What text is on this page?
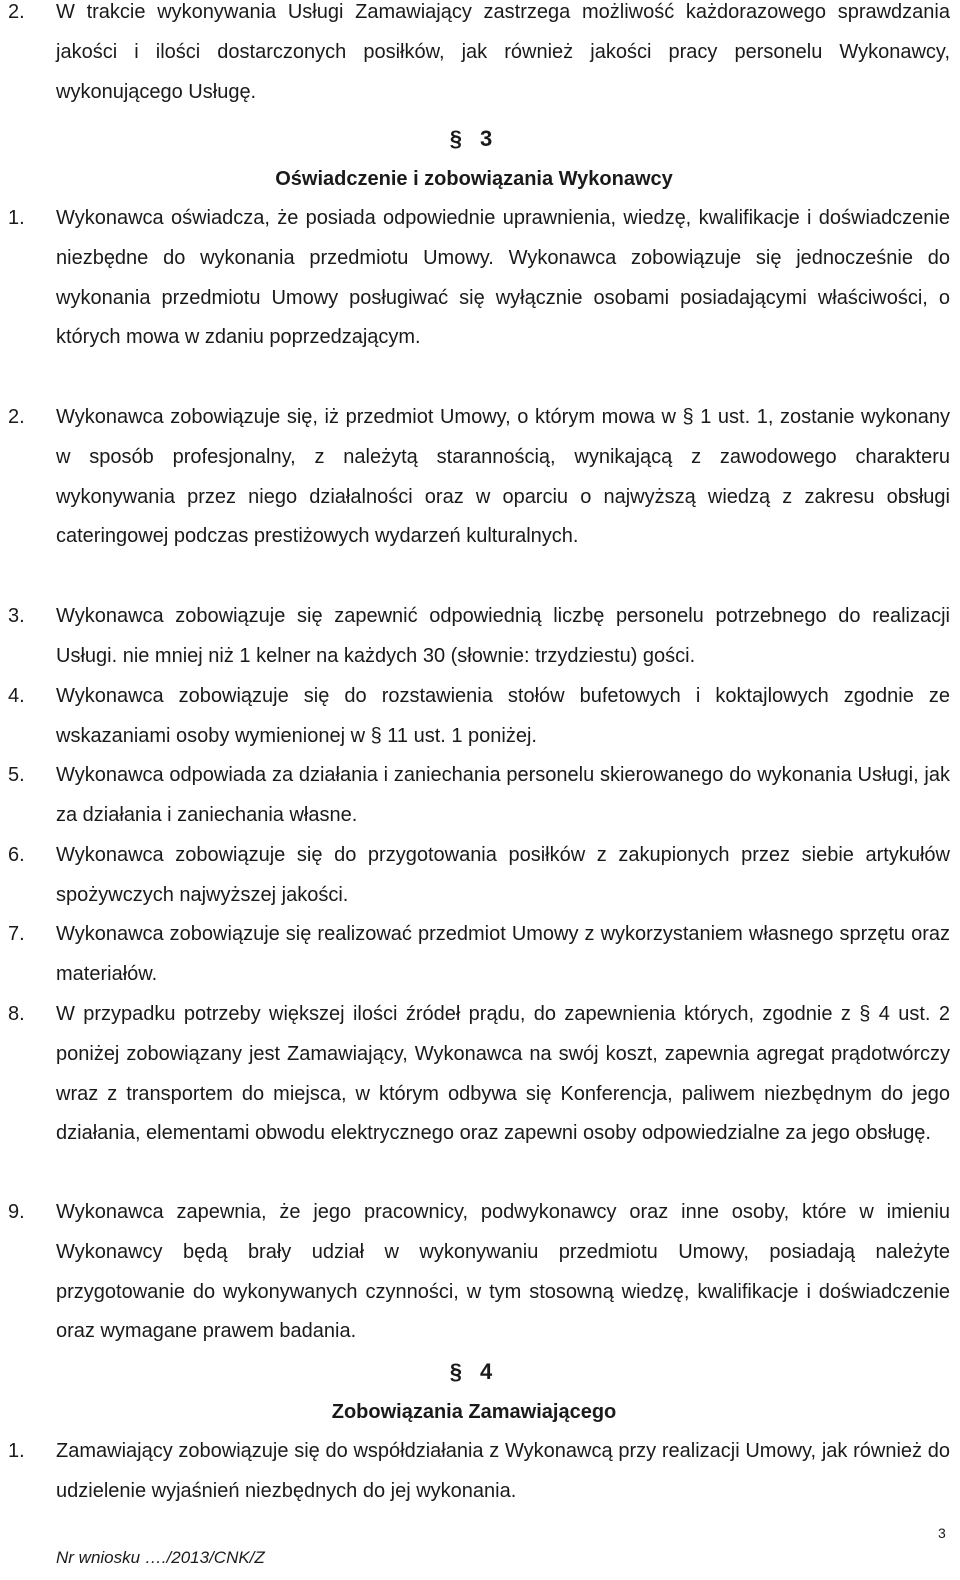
2.	W trakcie wykonywania Usługi Zamawiający zastrzega możliwość każdorazowego sprawdzania jakości i ilości dostarczonych posiłków, jak również jakości pracy personelu Wykonawcy, wykonującego Usługę.
§ 3
Oświadczenie i zobowiązania Wykonawcy
1.	Wykonawca oświadcza, że posiada odpowiednie uprawnienia, wiedzę, kwalifikacje i doświadczenie niezbędne do wykonania przedmiotu Umowy. Wykonawca zobowiązuje się jednocześnie do wykonania przedmiotu Umowy posługiwać się wyłącznie osobami posiadającymi właściwości, o których mowa w zdaniu poprzedzającym.
2.	Wykonawca zobowiązuje się, iż przedmiot Umowy, o którym mowa w § 1 ust. 1, zostanie wykonany w sposób profesjonalny, z należytą starannością, wynikającą z zawodowego charakteru wykonywania przez niego działalności oraz w oparciu o najwyższą wiedzą z zakresu obsługi cateringowej podczas prestiżowych wydarzeń kulturalnych.
3.	Wykonawca zobowiązuje się zapewnić odpowiednią liczbę personelu potrzebnego do realizacji Usługi. nie mniej niż 1 kelner na każdych 30 (słownie: trzydziestu) gości.
4.	Wykonawca zobowiązuje się do rozstawienia stołów bufetowych i koktajlowych zgodnie ze wskazaniami osoby wymienionej w § 11 ust. 1 poniżej.
5.	Wykonawca odpowiada za działania i zaniechania personelu skierowanego do wykonania Usługi, jak za działania i zaniechania własne.
6.	Wykonawca zobowiązuje się do przygotowania posiłków z zakupionych przez siebie artykułów spożywczych najwyższej jakości.
7.	Wykonawca zobowiązuje się realizować przedmiot Umowy z wykorzystaniem własnego sprzętu oraz materiałów.
8.	W przypadku potrzeby większej ilości źródeł prądu, do zapewnienia których, zgodnie z § 4 ust. 2 poniżej zobowiązany jest Zamawiający, Wykonawca na swój koszt, zapewnia agregat prądotwórczy wraz z transportem do miejsca, w którym odbywa się Konferencja, paliwem niezbędnym do jego działania, elementami obwodu elektrycznego oraz zapewni osoby odpowiedzialne za jego obsługę.
9.	Wykonawca zapewnia, że jego pracownicy, podwykonawcy oraz inne osoby, które w imieniu Wykonawcy będą brały udział w wykonywaniu przedmiotu Umowy, posiadają należyte przygotowanie do wykonywanych czynności, w tym stosowną wiedzę, kwalifikacje i doświadczenie oraz wymagane prawem badania.
§ 4
Zobowiązania Zamawiającego
1.	Zamawiający zobowiązuje się do współdziałania z Wykonawcą przy realizacji Umowy, jak również do udzielenie wyjaśnień niezbędnych do jej wykonania.
3
Nr wniosku …./2013/CNK/Z
